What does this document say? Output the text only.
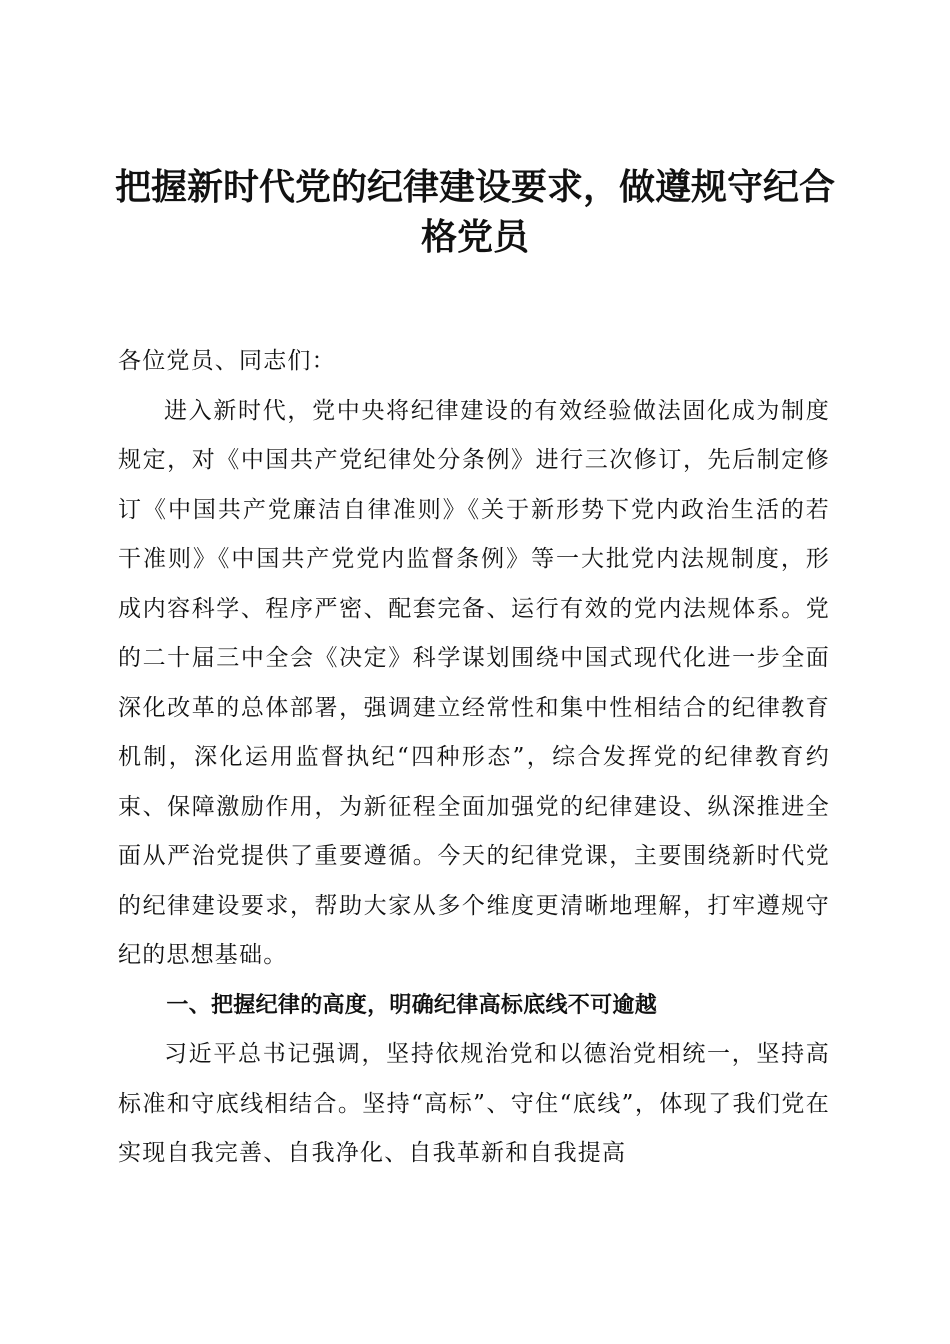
把握新时代党的纪律建设要求，做遵规守纪合格党员

各位党员、同志们：

进入新时代，党中央将纪律建设的有效经验做法固化成为制度规定，对《中国共产党纪律处分条例》进行三次修订，先后制定修订《中国共产党廉洁自律准则》《关于新形势下党内政治生活的若干准则》《中国共产党党内监督条例》等一大批党内法规制度，形成内容科学、程序严密、配套完备、运行有效的党内法规体系。党的二十届三中全会《决定》科学谋划围绕中国式现代化进一步全面深化改革的总体部署，强调建立经常性和集中性相结合的纪律教育机制，深化运用监督执纪“四种形态”，综合发挥党的纪律教育约束、保障激励作用，为新征程全面加强党的纪律建设、纵深推进全面从严治党提供了重要遵循。今天的纪律党课，主要围绕新时代党的纪律建设要求，帮助大家从多个维度更清晰地理解，打牢遵规守纪的思想基础。

一、把握纪律的高度，明确纪律高标底线不可逾越

习近平总书记强调，坚持依规治党和以德治党相统一，坚持高标准和守底线相结合。坚持“高标”、守住“底线”，体现了我们党在实现自我完善、自我净化、自我革新和自我提高
